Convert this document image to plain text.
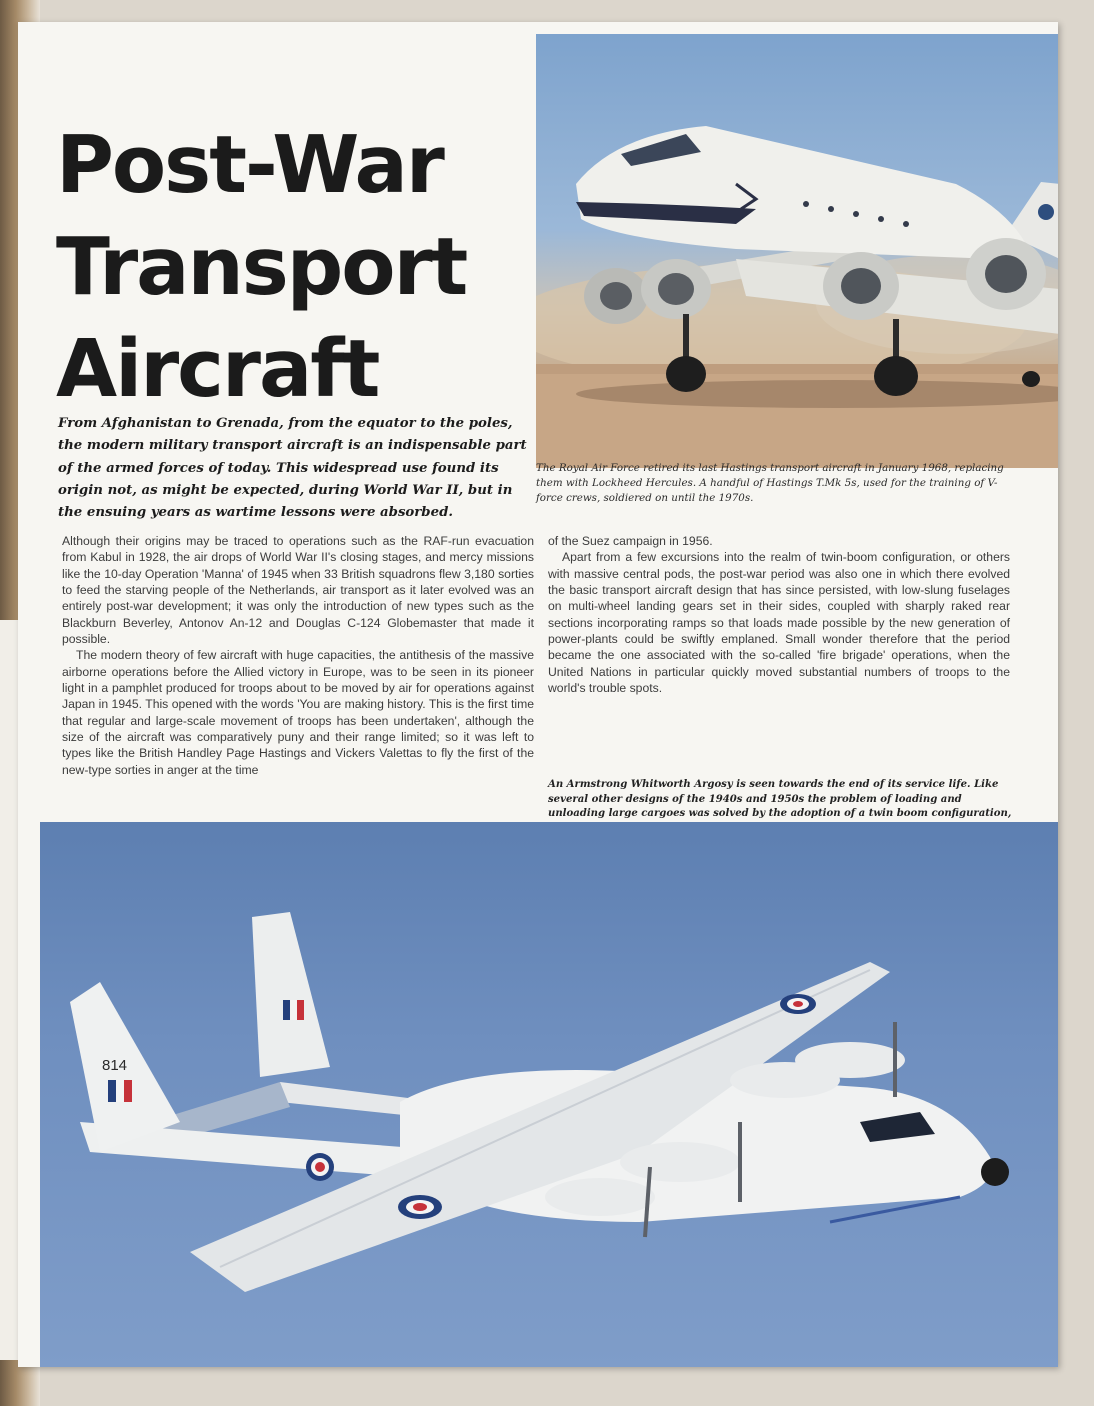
Post-War
Transport
Aircraft

From Afghanistan to Grenada, from the equator to the poles, the modern military transport aircraft is an indispensable part of the armed forces of today. This widespread use found its origin not, as might be expected, during World War II, but in the ensuing years as wartime lessons were absorbed.

The Royal Air Force retired its last Hastings transport aircraft in January 1968, replacing them with Lockheed Hercules. A handful of Hastings T.Mk 5s, used for the training of V-force crews, soldiered on until the 1970s.

Although their origins may be traced to operations such as the RAF-run evacuation from Kabul in 1928, the air drops of World War II's closing stages, and mercy missions like the 10-day Operation 'Manna' of 1945 when 33 British squadrons flew 3,180 sorties to feed the starving people of the Netherlands, air transport as it later evolved was an entirely post-war development; it was only the introduction of new types such as the Blackburn Beverley, Antonov An-12 and Douglas C-124 Globemaster that made it possible.

The modern theory of few aircraft with huge capacities, the antithesis of the massive airborne operations before the Allied victory in Europe, was to be seen in its pioneer light in a pamphlet produced for troops about to be moved by air for operations against Japan in 1945. This opened with the words 'You are making history. This is the first time that regular and large-scale movement of troops has been undertaken', although the size of the aircraft was comparatively puny and their range limited; so it was left to types like the British Handley Page Hastings and Vickers Valettas to fly the first of the new-type sorties in anger at the time

of the Suez campaign in 1956.

Apart from a few excursions into the realm of twin-boom configuration, or others with massive central pods, the post-war period was also one in which there evolved the basic transport aircraft design that has since persisted, with low-slung fuselages on multi-wheel landing gears set in their sides, coupled with sharply raked rear sections incorporating ramps so that loads made possible by the new generation of power-plants could be swiftly emplaned. Small wonder therefore that the period became the one associated with the so-called 'fire brigade' operations, when the United Nations in particular quickly moved substantial numbers of troops to the world's trouble spots.

An Armstrong Whitworth Argosy is seen towards the end of its service life. Like several other designs of the 1940s and 1950s the problem of loading and unloading large cargoes was solved by the adoption of a twin boom configuration,

814
